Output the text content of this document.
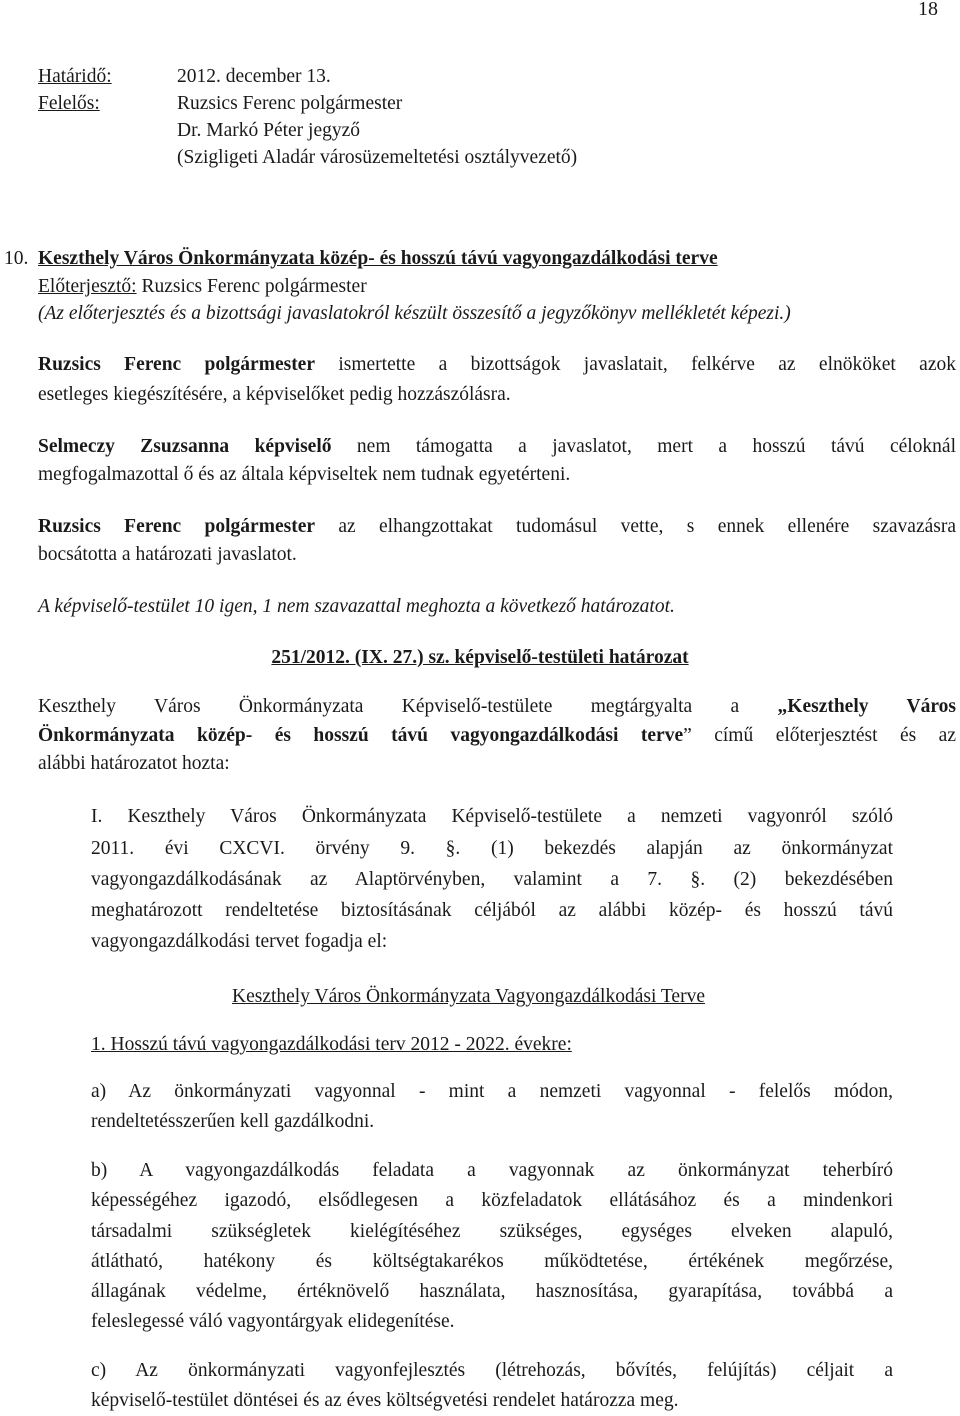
18
Határidő:	2012. december 13.
Felelős:	Ruzsics Ferenc polgármester
Dr. Markó Péter jegyző
(Szigligeti Aladár városüzemeltetési osztályvezető)
10. Keszthely Város Önkormányzata közép- és hosszú távú vagyongazdálkodási terve
Előterjesztő: Ruzsics Ferenc polgármester
(Az előterjesztés és a bizottsági javaslatokról készült összesítő a jegyzőkönyv mellékletét képezi.)
Ruzsics Ferenc polgármester ismertette a bizottságok javaslatait, felkérve az elnököket azok
esetleges kiegészítésére, a képviselőket pedig hozzászólásra.
Selmeczy Zsuzsanna képviselő nem támogatta a javaslatot, mert a hosszú távú céloknál
megfogalmazottal ő és az általa képviseltek nem tudnak egyetérteni.
Ruzsics Ferenc polgármester az elhangzottakat tudomásul vette, s ennek ellenére szavazásra
bocsátotta a határozati javaslatot.
A képviselő-testület 10 igen, 1 nem szavazattal meghozta a következő határozatot.
251/2012. (IX. 27.) sz. képviselő-testületi határozat
Keszthely Város Önkormányzata Képviselő-testülete megtárgyalta a „Keszthely Város
Önkormányzata közép- és hosszú távú vagyongazdálkodási terve” című előterjesztést és az
alábbi határozatot hozta:
I. Keszthely Város Önkormányzata Képviselő-testülete a nemzeti vagyonról szóló
2011. évi CXCVI. örvény 9. §. (1) bekezdés alapján az önkormányzat
vagyongazdálkodásának az Alaptörvényben, valamint a 7. §. (2) bekezdésében
meghatározott rendeltetése biztosításának céljából az alábbi közép- és hosszú távú
vagyongazdálkodási tervet fogadja el:
Keszthely Város Önkormányzata Vagyongazdálkodási Terve
1. Hosszú távú vagyongazdálkodási terv 2012 - 2022. évekre:
a) Az önkormányzati vagyonnal - mint a nemzeti vagyonnal - felelős módon,
rendeltetésszerűen kell gazdálkodni.
b) A vagyongazdálkodás feladata a vagyonnak az önkormányzat teherbíró
képességéhez igazodó, elsődlegesen a közfeladatok ellátásához és a mindenkori
társadalmi szükségletek kielégítéséhez szükséges, egységes elveken alapuló,
átlátható, hatékony és költségtakarékos működtetése, értékének megőrzése,
állagának védelme, értéknövelő használata, hasznosítása, gyarapítása, továbbá a
feleslegessé váló vagyontárgyak elidegenítése.
c) Az önkormányzati vagyonfejlesztés (létrehozás, bővítés, felújítás) céljait a
képviselő-testület döntései és az éves költségvetési rendelet határozza meg.
